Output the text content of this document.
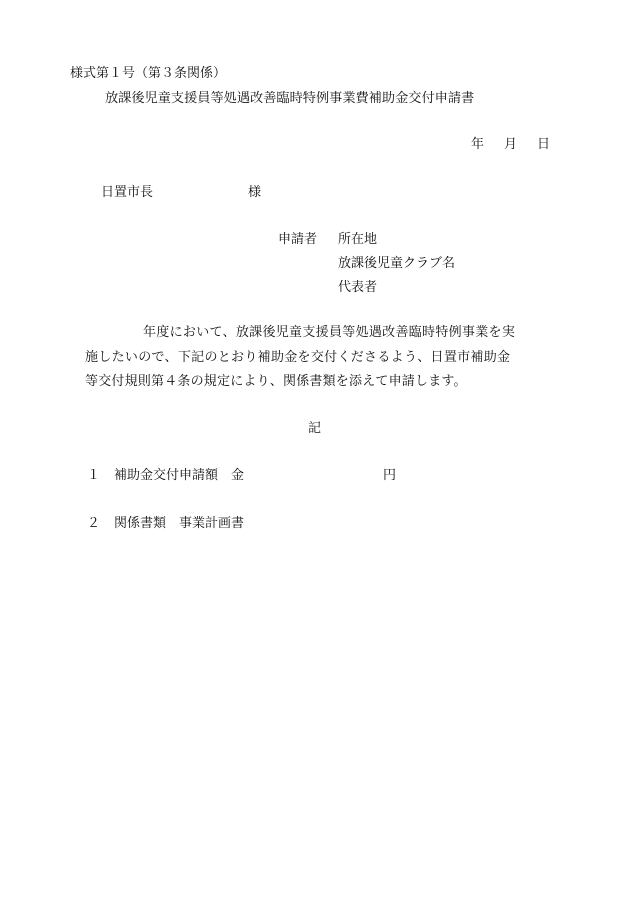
様式第１号（第３条関係）
放課後児童支援員等処遇改善臨時特例事業費補助金交付申請書
年 月 日
日置市長	様
申請者 所在地
放課後児童クラブ名
代表者
年度において、放課後児童支援員等処遇改善臨時特例事業を実
施したいので、下記のとおり補助金を交付くださるよう、日置市補助金
等交付規則第４条の規定により、関係書類を添えて申請します。
記
１ 補助金交付申請額　金	円
２ 関係書類　事業計画書
